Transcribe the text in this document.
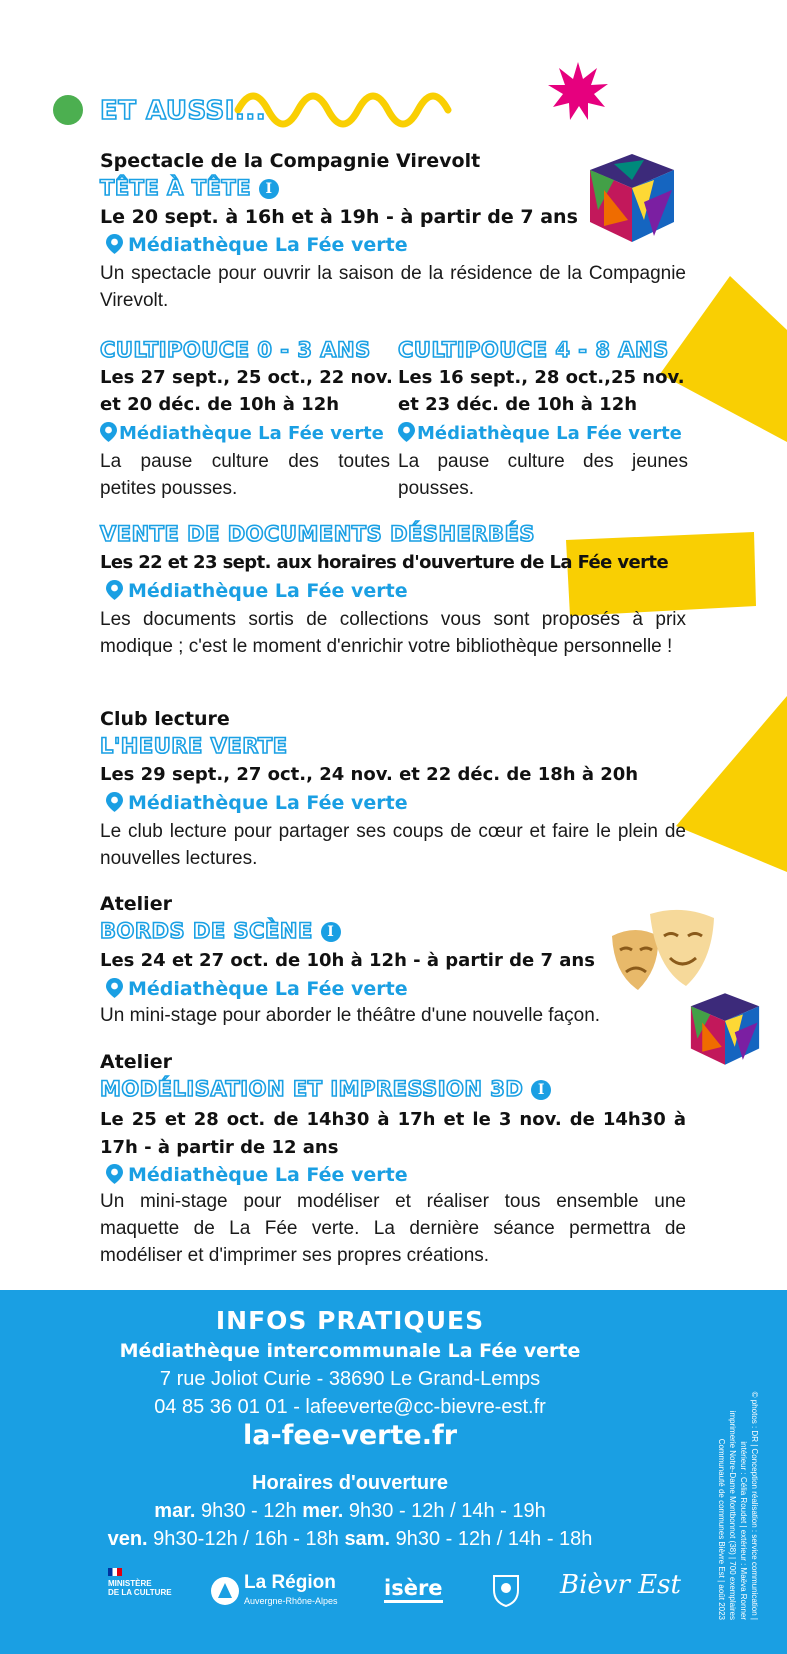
ET AUSSI...
Spectacle de la Compagnie Virevolt
TÊTE À TÊTE I
Le 20 sept. à 16h et à 19h - à partir de 7 ans
Médiathèque La Fée verte
Un spectacle pour ouvrir la saison de la résidence de la Compagnie Virevolt.
CULTIPOUCE 0 - 3 ANS
Les 27 sept., 25 oct., 22 nov.
et 20 déc. de 10h à 12h
Médiathèque La Fée verte
La pause culture des toutes petites pousses.
CULTIPOUCE 4 - 8 ANS
Les 16 sept., 28 oct.,25 nov.
et 23 déc. de 10h à 12h
Médiathèque La Fée verte
La pause culture des jeunes pousses.
VENTE DE DOCUMENTS DÉSHERBÉS
Les 22 et 23 sept. aux horaires d'ouverture de La Fée verte
Médiathèque La Fée verte
Les documents sortis de collections vous sont proposés à prix modique ; c'est le moment d'enrichir votre bibliothèque personnelle !
Club lecture
L'HEURE VERTE
Les 29 sept., 27 oct., 24 nov. et 22 déc. de 18h à 20h
Médiathèque La Fée verte
Le club lecture pour partager ses coups de cœur et faire le plein de nouvelles lectures.
Atelier
BORDS DE SCÈNE I
Les 24 et 27 oct. de 10h à 12h - à partir de 7 ans
Médiathèque La Fée verte
Un mini-stage pour aborder le théâtre d'une nouvelle façon.
Atelier
MODÉLISATION ET IMPRESSION 3D I
Le 25 et 28 oct. de 14h30 à 17h et le 3 nov. de 14h30 à 17h - à partir de 12 ans
Médiathèque La Fée verte
Un mini-stage pour modéliser et réaliser tous ensemble une maquette de La Fée verte. La dernière séance permettra de modéliser et d'imprimer ses propres créations.
INFOS PRATIQUES
Médiathèque intercommunale La Fée verte
7 rue Joliot Curie - 38690 Le Grand-Lemps
04 85 36 01 01 - lafeeverte@cc-bievre-est.fr
la-fee-verte.fr
Horaires d'ouverture
mar. 9h30 - 12h mer. 9h30 - 12h / 14h - 19h
ven. 9h30-12h / 16h - 18h sam. 9h30 - 12h / 14h - 18h	© photos : DR | Conception réalisation : service communication |
intérieur : Célia Roudet | extérieur : Maëva Ronner
imprimerie Notre-Dame Montbonnot (38) | 700 exemplaires
Communauté de communes Bièvre Est | août 2023
MINISTÈRE
DE LA CULTURE	La Région
Auvergne-Rhône-Alpes
isère	Bièvr Est
